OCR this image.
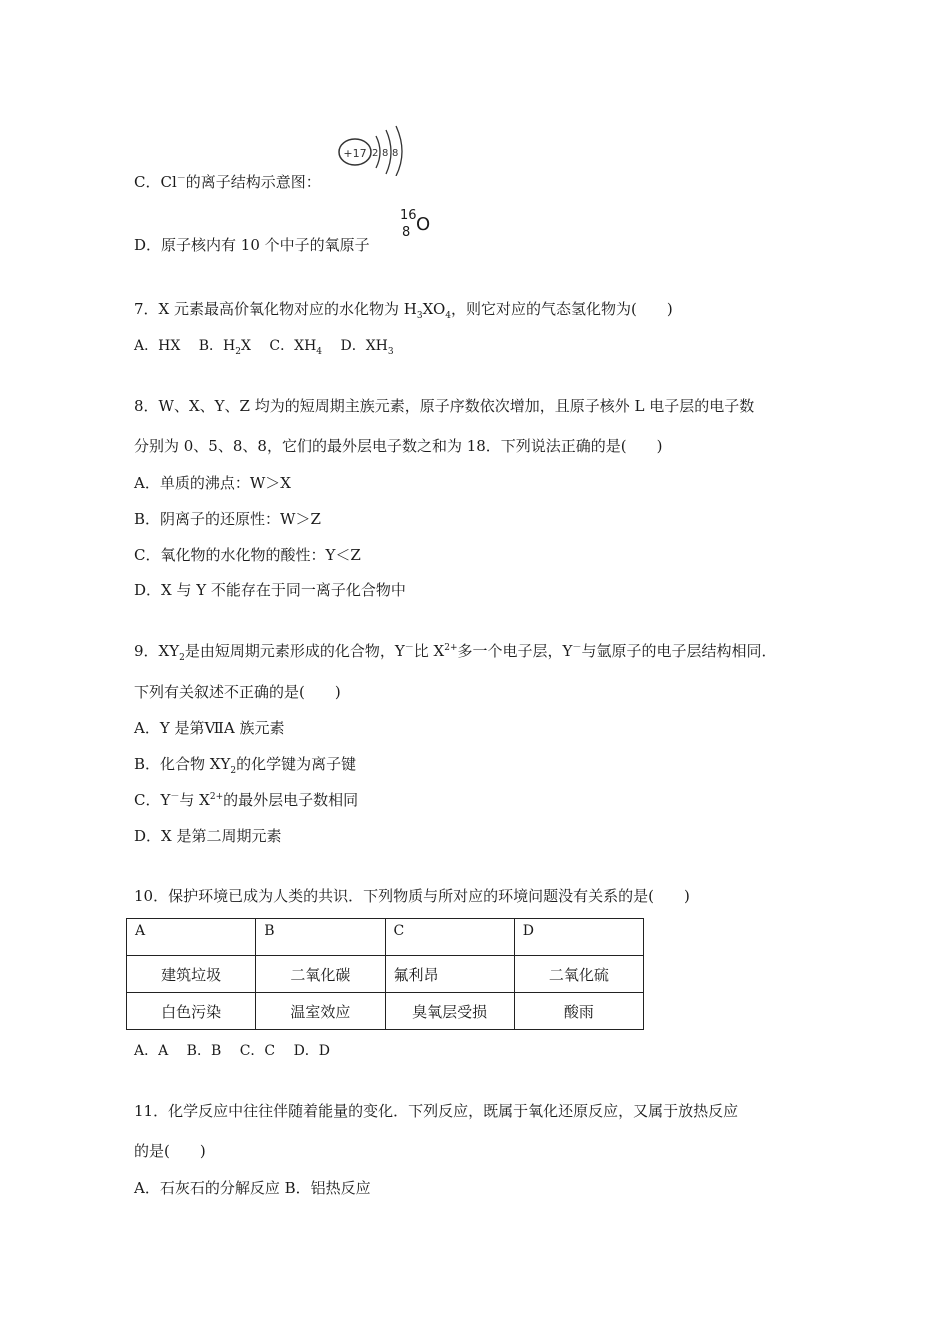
+17 2 8 8
C．Cl－的离子结构示意图：
16
8 O
D．原子核内有 10 个中子的氧原子
7．X 元素最高价氧化物对应的水化物为 $H_3XO_4$，则它对应的气态氢化物为(　　)
A．HX　 B．$H_2X$　 C．$XH_4$　 D．$XH_3$
8．W、X、Y、Z 均为的短周期主族元素，原子序数依次增加，且原子核外 L 电子层的电子数
分别为 0、5、8、8，它们的最外层电子数之和为 18．下列说法正确的是(　　)
A．单质的沸点：W＞X
B．阴离子的还原性：W＞Z
C．氧化物的水化物的酸性：Y＜Z
D．X 与 Y 不能存在于同一离子化合物中
9．$XY_2$是由短周期元素形成的化合物，Y－比 $X^{2+}$多一个电子层，Y－与氩原子的电子层结构相同．
下列有关叙述不正确的是(　　)
A．Y 是第ⅦA 族元素
B．化合物 $XY_2$的化学键为离子键
C．Y－与 $X^{2+}$的最外层电子数相同
D．X 是第二周期元素
10．保护环境已成为人类的共识．下列物质与所对应的环境问题没有关系的是(　　)
A	B	C	D
建筑垃圾	二氧化碳	氟利昂	二氧化硫
白色污染	温室效应	臭氧层受损	酸雨
A．A　 B．B　 C．C　 D．D
11．化学反应中往往伴随着能量的变化．下列反应，既属于氧化还原反应，又属于放热反应
的是(　　)
A．石灰石的分解反应 B．铝热反应
